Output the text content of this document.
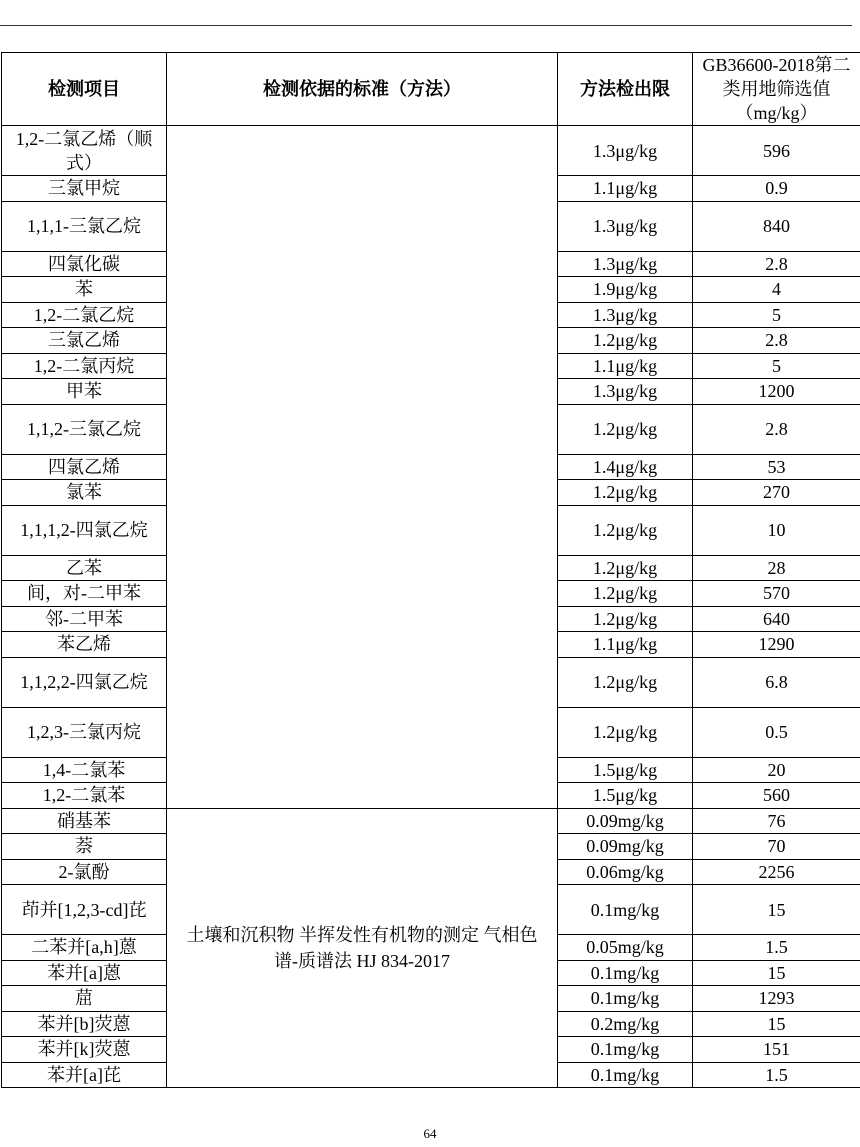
检测项目	检测依据的标准（方法）	方法检出限	GB36600-2018第二类用地筛选值（mg/kg）
1,2-二氯乙烯（顺式）		1.3μg/kg	596
三氯甲烷		1.1μg/kg	0.9
1,1,1-三氯乙烷		1.3μg/kg	840
四氯化碳		1.3μg/kg	2.8
苯		1.9μg/kg	4
1,2-二氯乙烷		1.3μg/kg	5
三氯乙烯		1.2μg/kg	2.8
1,2-二氯丙烷		1.1μg/kg	5
甲苯		1.3μg/kg	1200
1,1,2-三氯乙烷		1.2μg/kg	2.8
四氯乙烯		1.4μg/kg	53
氯苯		1.2μg/kg	270
1,1,1,2-四氯乙烷		1.2μg/kg	10
乙苯		1.2μg/kg	28
间，对-二甲苯		1.2μg/kg	570
邻-二甲苯		1.2μg/kg	640
苯乙烯		1.1μg/kg	1290
1,1,2,2-四氯乙烷		1.2μg/kg	6.8
1,2,3-三氯丙烷		1.2μg/kg	0.5
1,4-二氯苯		1.5μg/kg	20
1,2-二氯苯		1.5μg/kg	560
硝基苯	土壤和沉积物 半挥发性有机物的测定 气相色谱-质谱法 HJ 834-2017	0.09mg/kg	76
萘		0.09mg/kg	70
2-氯酚		0.06mg/kg	2256
茚并[1,2,3-cd]芘		0.1mg/kg	15
二苯并[a,h]蒽		0.05mg/kg	1.5
苯并[a]蒽		0.1mg/kg	15
䓛		0.1mg/kg	1293
苯并[b]荧蒽		0.2mg/kg	15
苯并[k]荧蒽		0.1mg/kg	151
苯并[a]芘		0.1mg/kg	1.5
64
